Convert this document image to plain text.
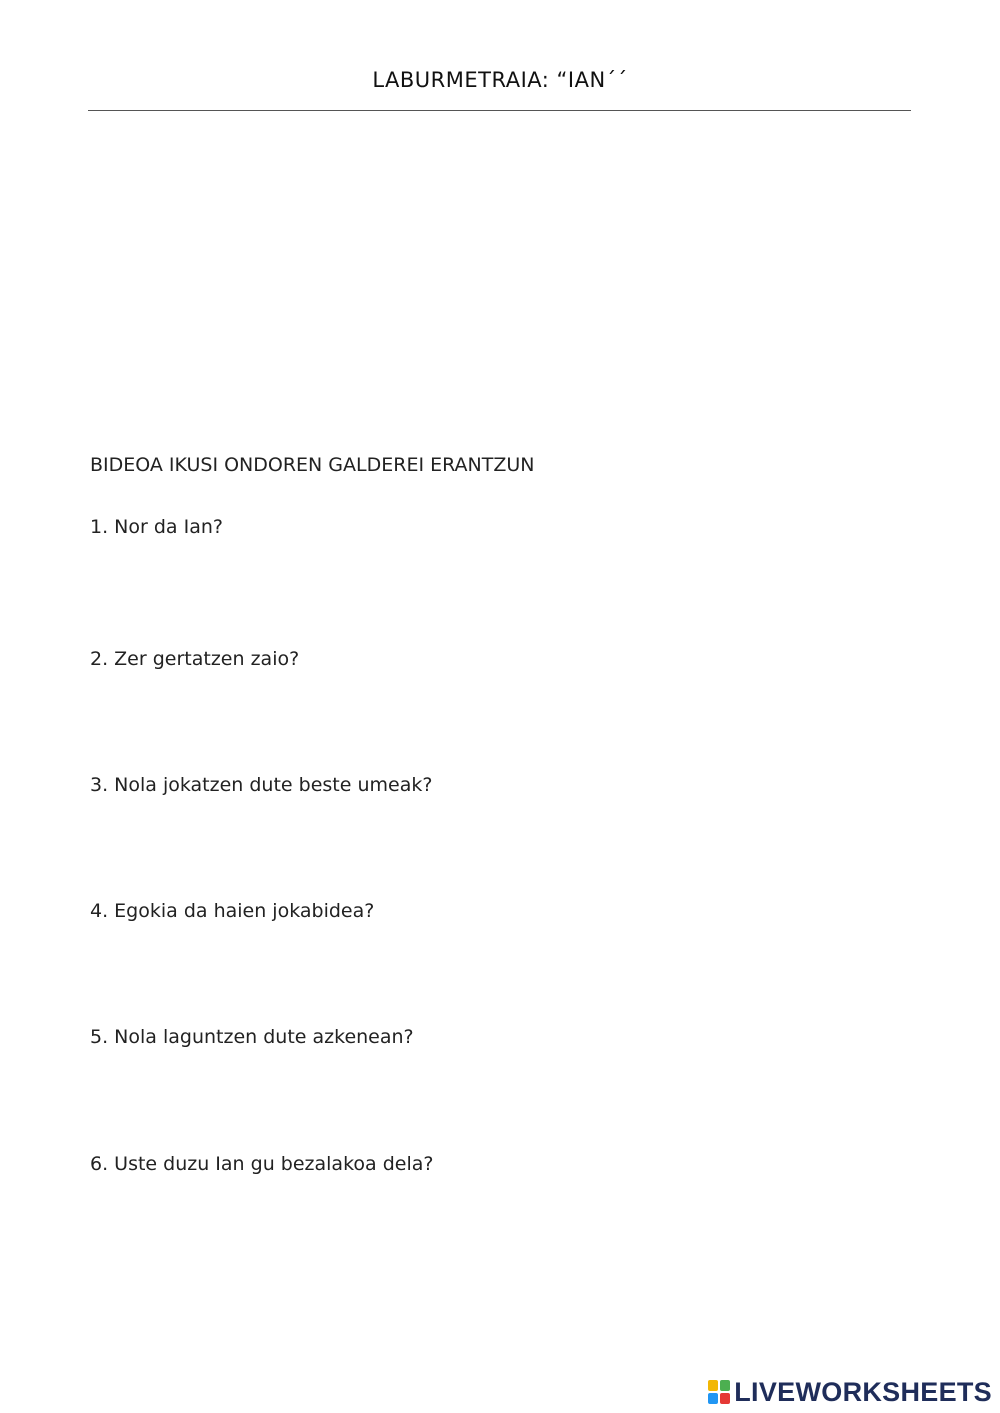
LABURMETRAIA: “IAN´´
BIDEOA IKUSI ONDOREN GALDEREI ERANTZUN
1. Nor da Ian?
2. Zer gertatzen zaio?
3. Nola jokatzen dute beste umeak?
4. Egokia da haien jokabidea?
5. Nola laguntzen dute azkenean?
6. Uste duzu Ian gu bezalakoa dela?
LIVEWORKSHEETS
